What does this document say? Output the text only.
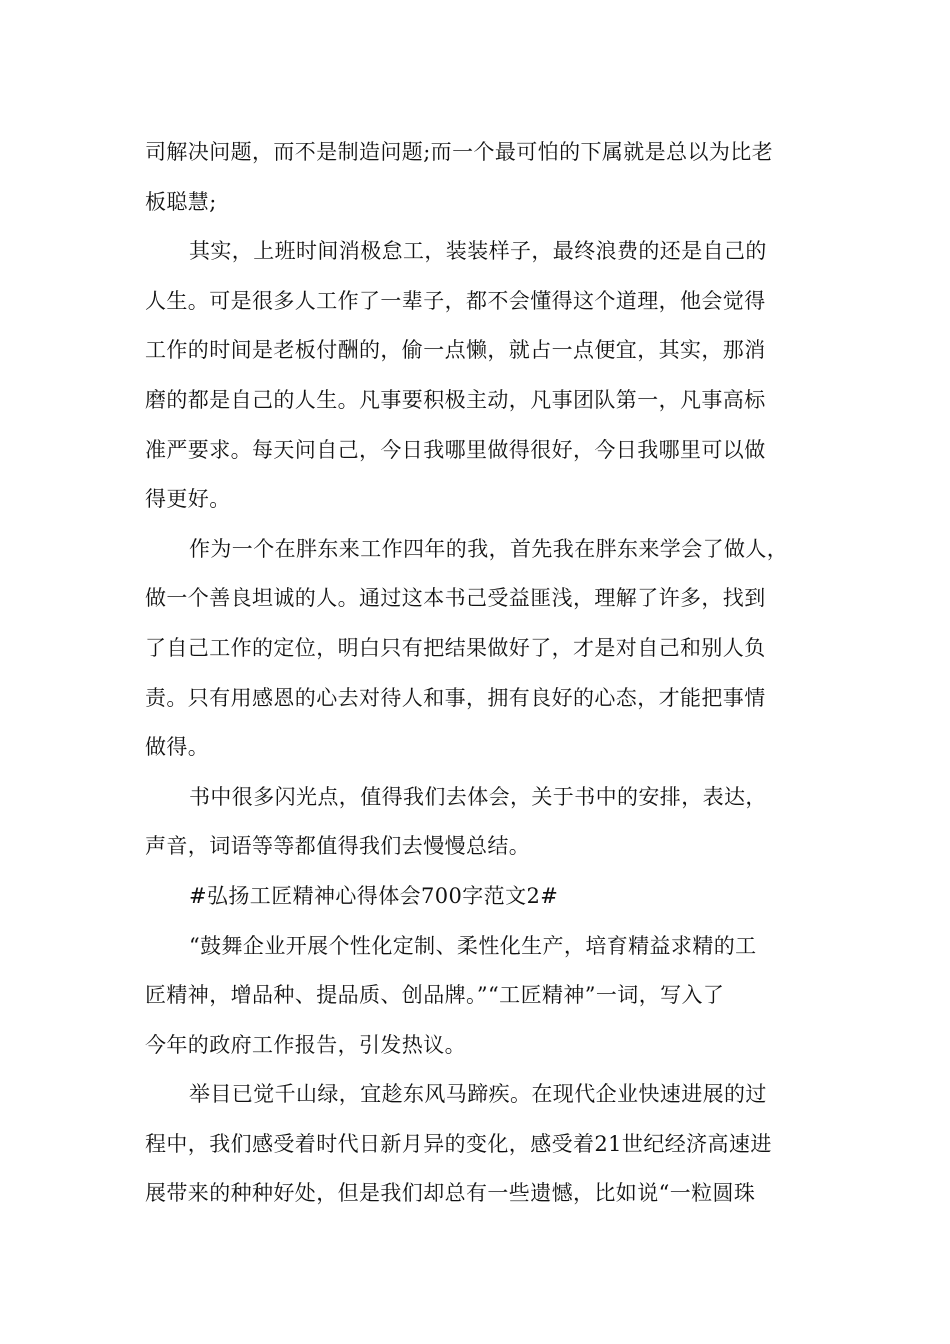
司解决问题，而不是制造问题;而一个最可怕的下属就是总以为比老
板聪慧;
其实，上班时间消极怠工，装装样子，最终浪费的还是自己的
人生。可是很多人工作了一辈子，都不会懂得这个道理，他会觉得
工作的时间是老板付酬的，偷一点懒，就占一点便宜，其实，那消
磨的都是自己的人生。凡事要积极主动，凡事团队第一，凡事高标
准严要求。每天问自己，今日我哪里做得很好，今日我哪里可以做
得更好。
作为一个在胖东来工作四年的我，首先我在胖东来学会了做人，
做一个善良坦诚的人。通过这本书己受益匪浅，理解了许多，找到
了自己工作的定位，明白只有把结果做好了，才是对自己和别人负
责。只有用感恩的心去对待人和事，拥有良好的心态，才能把事情
做得。
书中很多闪光点，值得我们去体会，关于书中的安排，表达，
声音，词语等等都值得我们去慢慢总结。
#弘扬工匠精神心得体会700字范文2#
“鼓舞企业开展个性化定制、柔性化生产，培育精益求精的工
匠精神，增品种、提品质、创品牌。”“工匠精神”一词，写入了
今年的政府工作报告，引发热议。
举目已觉千山绿，宜趁东风马蹄疾。在现代企业快速进展的过
程中，我们感受着时代日新月异的变化，感受着21世纪经济高速进
展带来的种种好处，但是我们却总有一些遗憾，比如说“一粒圆珠
